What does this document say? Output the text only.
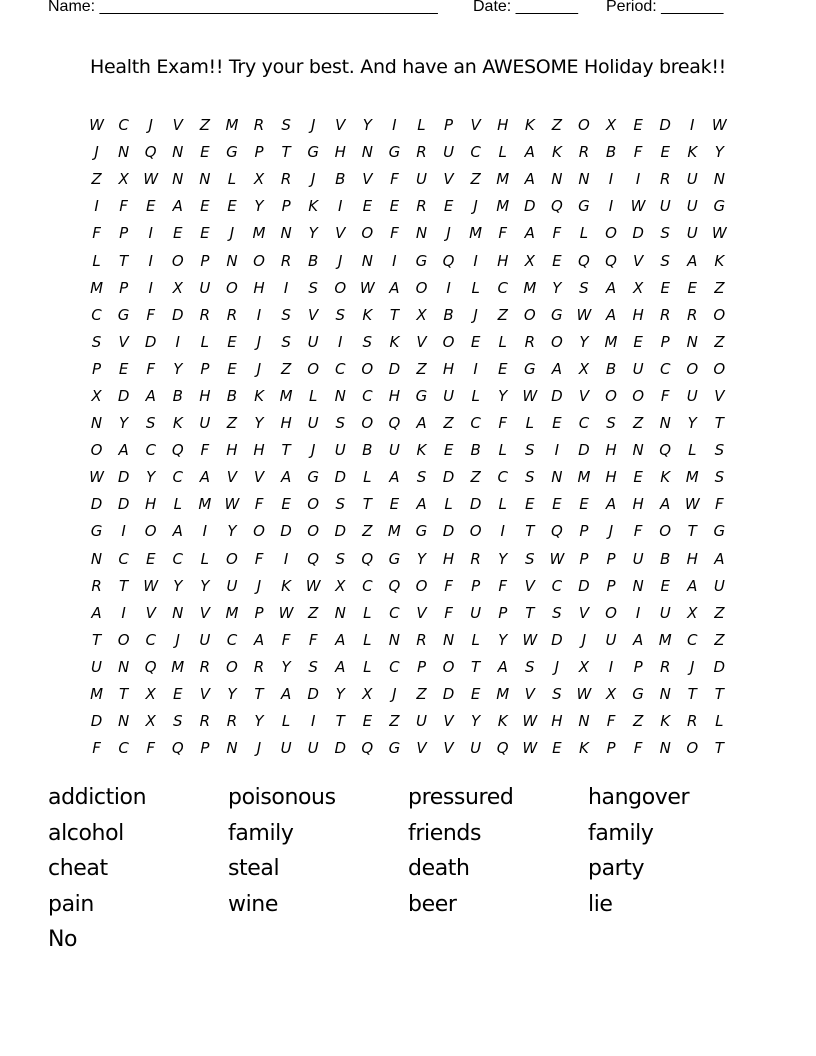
Name: ______________________________________ Date: _______ Period: _______
Health Exam!! Try your best. And have an AWESOME Holiday break!!
W C	J	V	Z	M	R	S	J	V	Y	I	L	P	V	H	K	Z	O	X	E	D	I	W
J	N	Q	N	E	G	P	T	G	H	N	G	R	U	C	L	A	K	R	B	F	E	K	Y
Z	X W N	N	L	X	R	J	B	V	F	U	V	Z	M	A	N	N	I	I	R	U	N
I	F	E	A	E	E	Y	P	K	I	E	E	R	E	J	M D	Q	G	I	W U	U	G
F	P	I	E	E	J	M N	Y	V	O	F	N	J	M	F	A	F	L	O	D	S	U W
L	T	I	O	P	N	O	R	B	J	N	I	G	Q	I	H	X	E	Q	Q	V	S	A	K
M	P	I	X	U	O	H	I	S	O W A	O	I	L	C	M	Y	S	A	X	E	E	Z
C	G	F	D	R	R	I	S	V	S	K	T	X	B	J	Z	O	G W A	H	R	R	O
S	V	D	I	L	E	J	S	U	I	S	K	V	O	E	L	R	O	Y	M	E	P	N	Z
P	E	F	Y	P	E	J	Z	O	C	O	D	Z	H	I	E	G	A	X	B	U	C	O	O
X	D	A	B	H	B	K	M	L	N	C	H	G	U	L	Y	W D	V	O	O	F	U	V
N	Y	S	K	U	Z	Y	H	U	S	O	Q	A	Z	C	F	L	E	C	S	Z	N	Y	T
O	A	C	Q	F	H	H	T	J	U	B	U	K	E	B	L	S	I	D	H	N	Q	L	S
W D	Y	C	A	V	V	A	G	D	L	A	S	D	Z	C	S	N M H	E	K	M	S
D	D	H	L	M W	F	E	O	S	T	E	A	L	D	L	E	E	E	A	H	A W	F
G	I	O	A	I	Y	O	D	O	D	Z	M G	D	O	I	T	Q	P	J	F	O	T	G
N	C	E	C	L	O	F	I	Q	S	Q	G	Y	H	R	Y	S W	P	P	U	B	H	A
R	T	W	Y	Y	U	J	K W X	C	Q	O	F	P	F	V	C	D	P	N	E	A	U
A	I	V	N	V	M	P	W Z	N	L	C	V	F	U	P	T	S	V	O	I	U	X	Z
T	O	C	J	U	C	A	F	F	A	L	N	R	N	L	Y	W D	J	U	A	M	C	Z
U	N	Q M	R	O	R	Y	S	A	L	C	P	O	T	A	S	J	X	I	P	R	J	D
M	T	X	E	V	Y	T	A	D	Y	X	J	Z	D	E	M	V	S W X	G	N	T	T
D	N	X	S	R	R	Y	L	I	T	E	Z	U	V	Y	K W H	N	F	Z	K	R	L
F	C	F	Q	P	N	J	U	U	D	Q	G	V	V	U	Q W E	K	P	F	N	O	T
addiction	poisonous	pressured	hangover
alcohol	family	friends	family
cheat	steal	death	party
pain	wine	beer	lie
No
